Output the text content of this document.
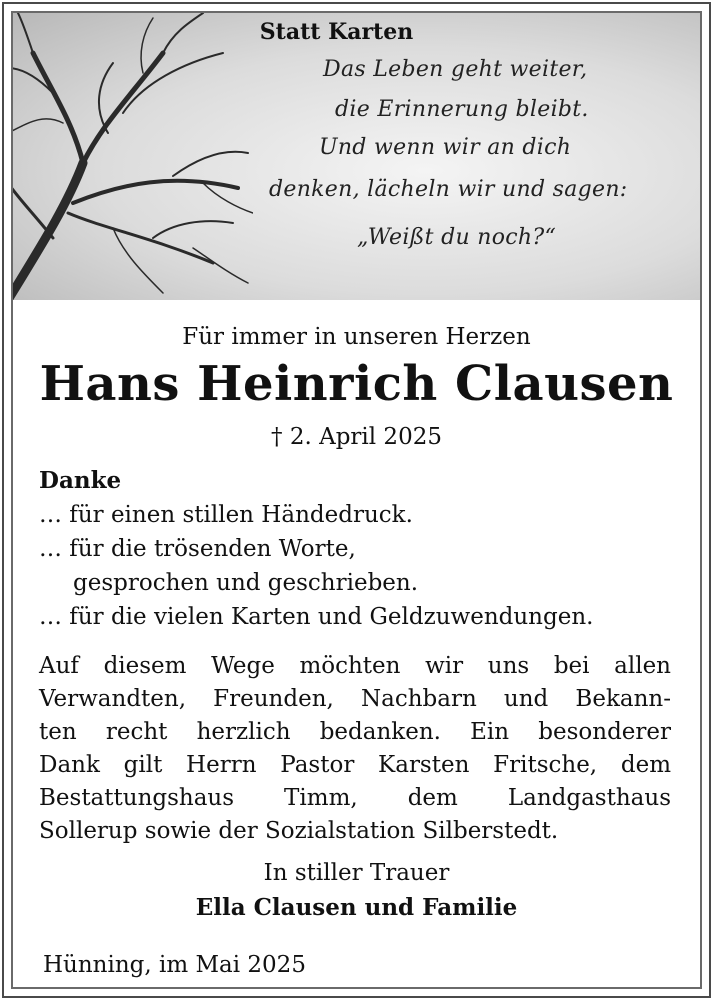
Statt Karten
Das Leben geht weiter,
die Erinnerung bleibt.
Und wenn wir an dich
denken, lächeln wir und sagen:
„Weißt du noch?“
Für immer in unseren Herzen
Hans Heinrich Clausen
† 2. April 2025
Danke
… für einen stillen Händedruck.
… für die trösenden Worte,
gesprochen und geschrieben.
… für die vielen Karten und Geldzuwendungen.
Auf diesem Wege möchten wir uns bei allen
Verwandten, Freunden, Nachbarn und Bekann-
ten recht herzlich bedanken. Ein besonderer
Dank gilt Herrn Pastor Karsten Fritsche, dem
Bestattungshaus Timm, dem Landgasthaus
Sollerup sowie der Sozialstation Silberstedt.
In stiller Trauer
Ella Clausen und Familie
Hünning, im Mai 2025
